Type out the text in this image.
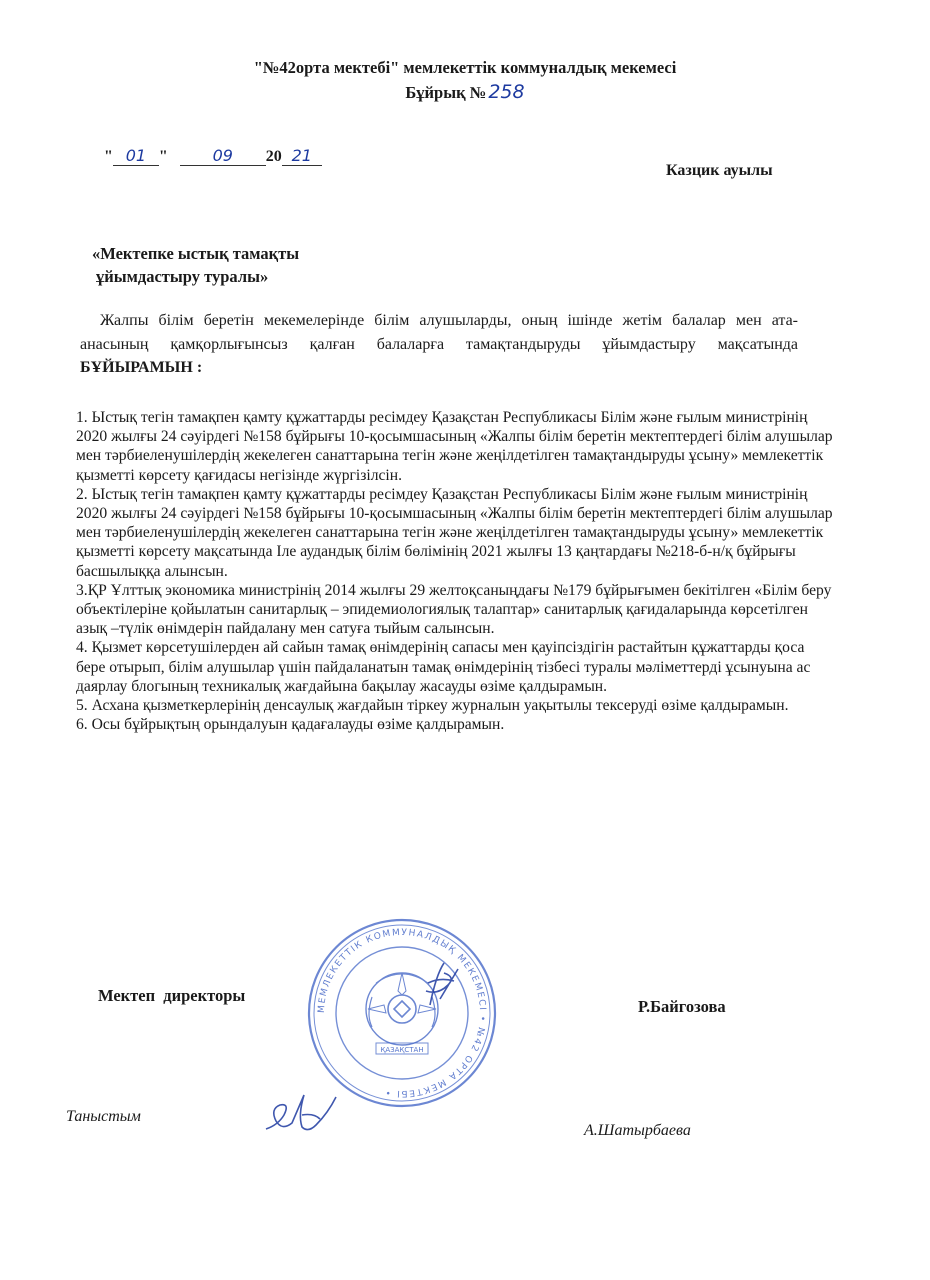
"№42орта мектебі" мемлекеттік коммуналдық мекемесі
Бұйрық № 258
" 01 "	09 20 21
Казцик ауылы
«Мектепке ыстық тамақты
ұйымдастыру туралы»
Жалпы білім беретін мекемелерінде білім алушыларды, оның ішінде жетім балалар мен ата-анасының қамқорлығынсыз қалған балаларға тамақтандыруды ұйымдастыру мақсатында БҰЙЫРАМЫН :

1. Ыстық тегін тамақпен қамту құжаттарды ресімдеу Қазақстан Республикасы Білім және ғылым министрінің 2020 жылғы 24 сәуірдегі №158 бұйрығы 10-қосымшасының «Жалпы білім беретін мектептердегі білім алушылар мен тәрбиеленушілердің жекелеген санаттарына тегін және жеңілдетілген тамақтандыруды ұсыну» мемлекеттік қызметті көрсету қағидасы негізінде жүргізілсін.

2. Ыстық тегін тамақпен қамту құжаттарды ресімдеу Қазақстан Республикасы Білім және ғылым министрінің 2020 жылғы 24 сәуірдегі №158 бұйрығы 10-қосымшасының «Жалпы білім беретін мектептердегі білім алушылар мен тәрбиеленушілердің жекелеген санаттарына тегін және жеңілдетілген тамақтандыруды ұсыну» мемлекеттік қызметті көрсету мақсатында Іле аудандық білім бөлімінің 2021 жылғы 13 қаңтардағы №218-б-н/қ бұйрығы басшылыққа алынсын.

3.ҚР Ұлттық экономика министрінің 2014 жылғы 29 желтоқсаныңдағы №179 бұйрығымен бекітілген «Білім беру объектілеріне қойылатын санитарлық – эпидемиологиялық талаптар» санитарлық қағидаларында көрсетілген азық –түлік өнімдерін пайдалану мен сатуға тыйым салынсын.

4. Қызмет көрсетушілерден ай сайын тамақ өнімдерінің сапасы мен қауіпсіздігін растайтын құжаттарды қоса бере отырып, білім алушылар үшін пайдаланатын тамақ өнімдерінің тізбесі туралы мәліметтерді ұсынуына ас даярлау блогының техникалық жағдайына бақылау жасауды өзіме қалдырамын.

5. Асхана қызметкерлерінің денсаулық жағдайын тіркеу журналын уақытылы тексеруді өзіме қалдырамын.

6. Осы бұйрықтың орындалуын қадағалауды өзіме қалдырамын.

МЕМЛЕКЕТТІК КОММУНАЛДЫҚ МЕКЕМЕСІ • №42 ОРТА МЕКТЕБІ •
ҚАЗАҚСТАН
Мектеп директоры
Р.Байгозова
Таныстым
А.Шатырбаева
